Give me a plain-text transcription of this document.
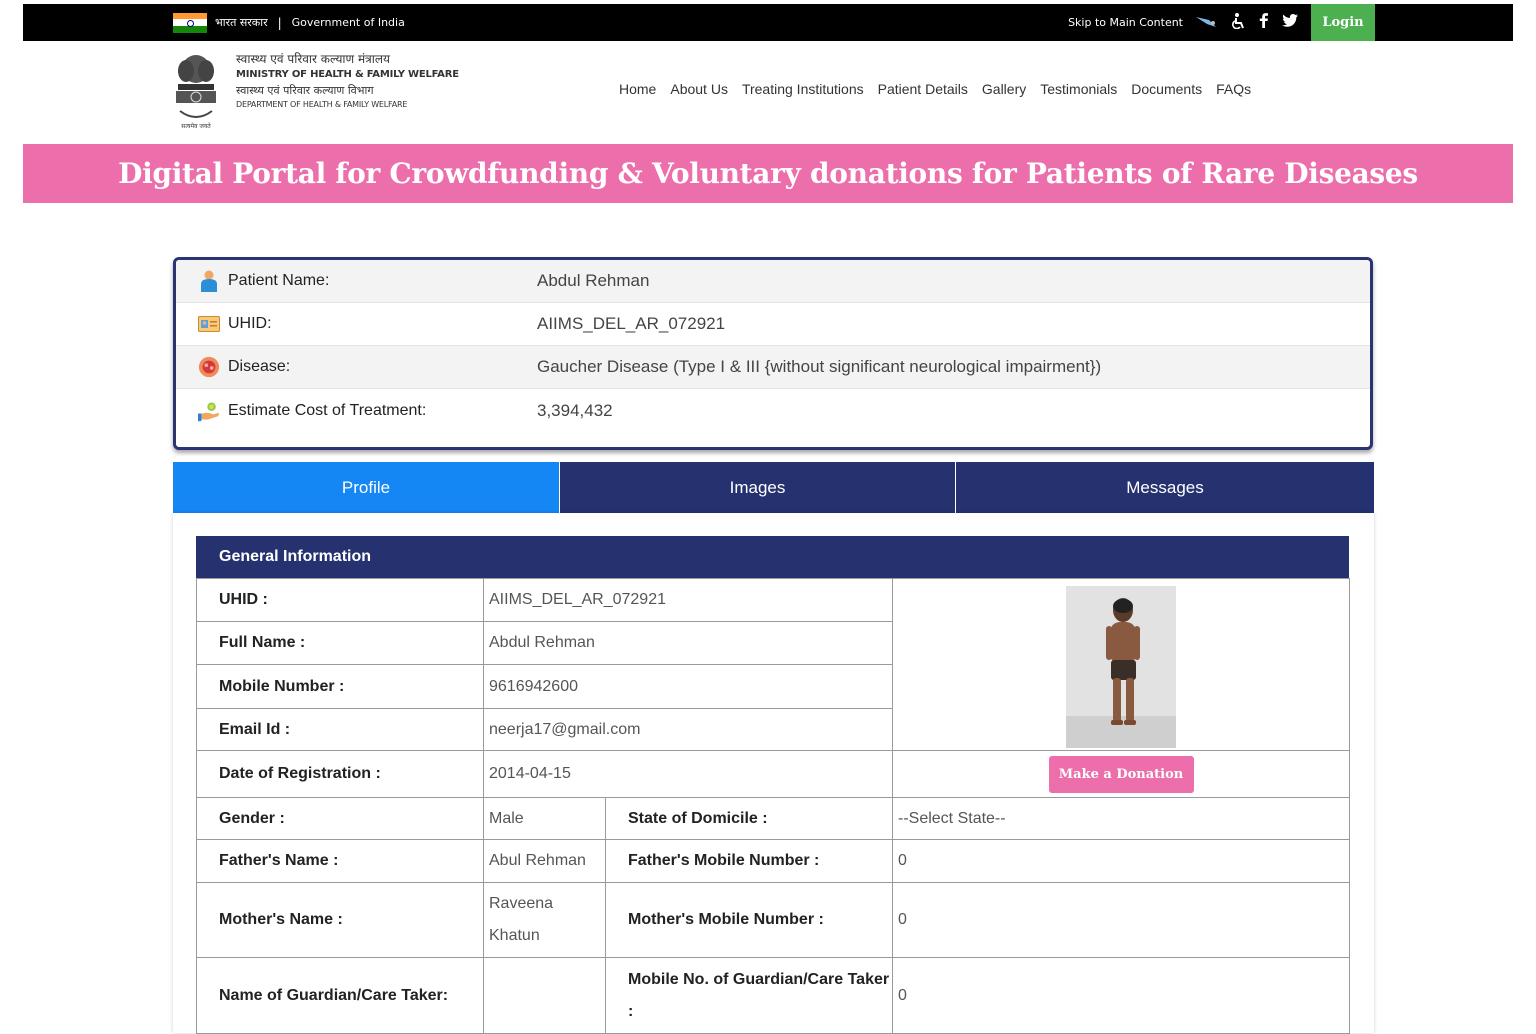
भारत सरकार | Government of India	Skip to Main Content	Login
सत्यमेव जयते
स्वास्थ्य एवं परिवार कल्याण मंत्रालय
MINISTRY OF HEALTH & FAMILY WELFARE
स्वास्थ्य एवं परिवार कल्याण विभाग
DEPARTMENT OF HEALTH & FAMILY WELFARE
Home About Us Treating Institutions Patient Details Gallery Testimonials Documents FAQs
Digital Portal for Crowdfunding & Voluntary donations for Patients of Rare Diseases
Patient Name:	Abdul Rehman
UHID:	AIIMS_DEL_AR_072921
Disease:	Gaucher Disease (Type I & III {without significant neurological impairment})
Estimate Cost of Treatment:	3,394,432
Profile	Images	Messages
General Information
UHID :	AIIMS_DEL_AR_072921	

Full Name :	Abdul Rehman		
Mobile Number :	9616942600		
Email Id :	neerja17@gmail.com		
Date of Registration :	2014-04-15		Make a Donation
Gender :	Male	State of Domicile :	--Select State--
Father's Name :	Abul Rehman	Father's Mobile Number :	0
Mother's Name :	Raveena Khatun	Mother's Mobile Number :	0
Name of Guardian/Care Taker:		Mobile No. of Guardian/Care Taker :	0
